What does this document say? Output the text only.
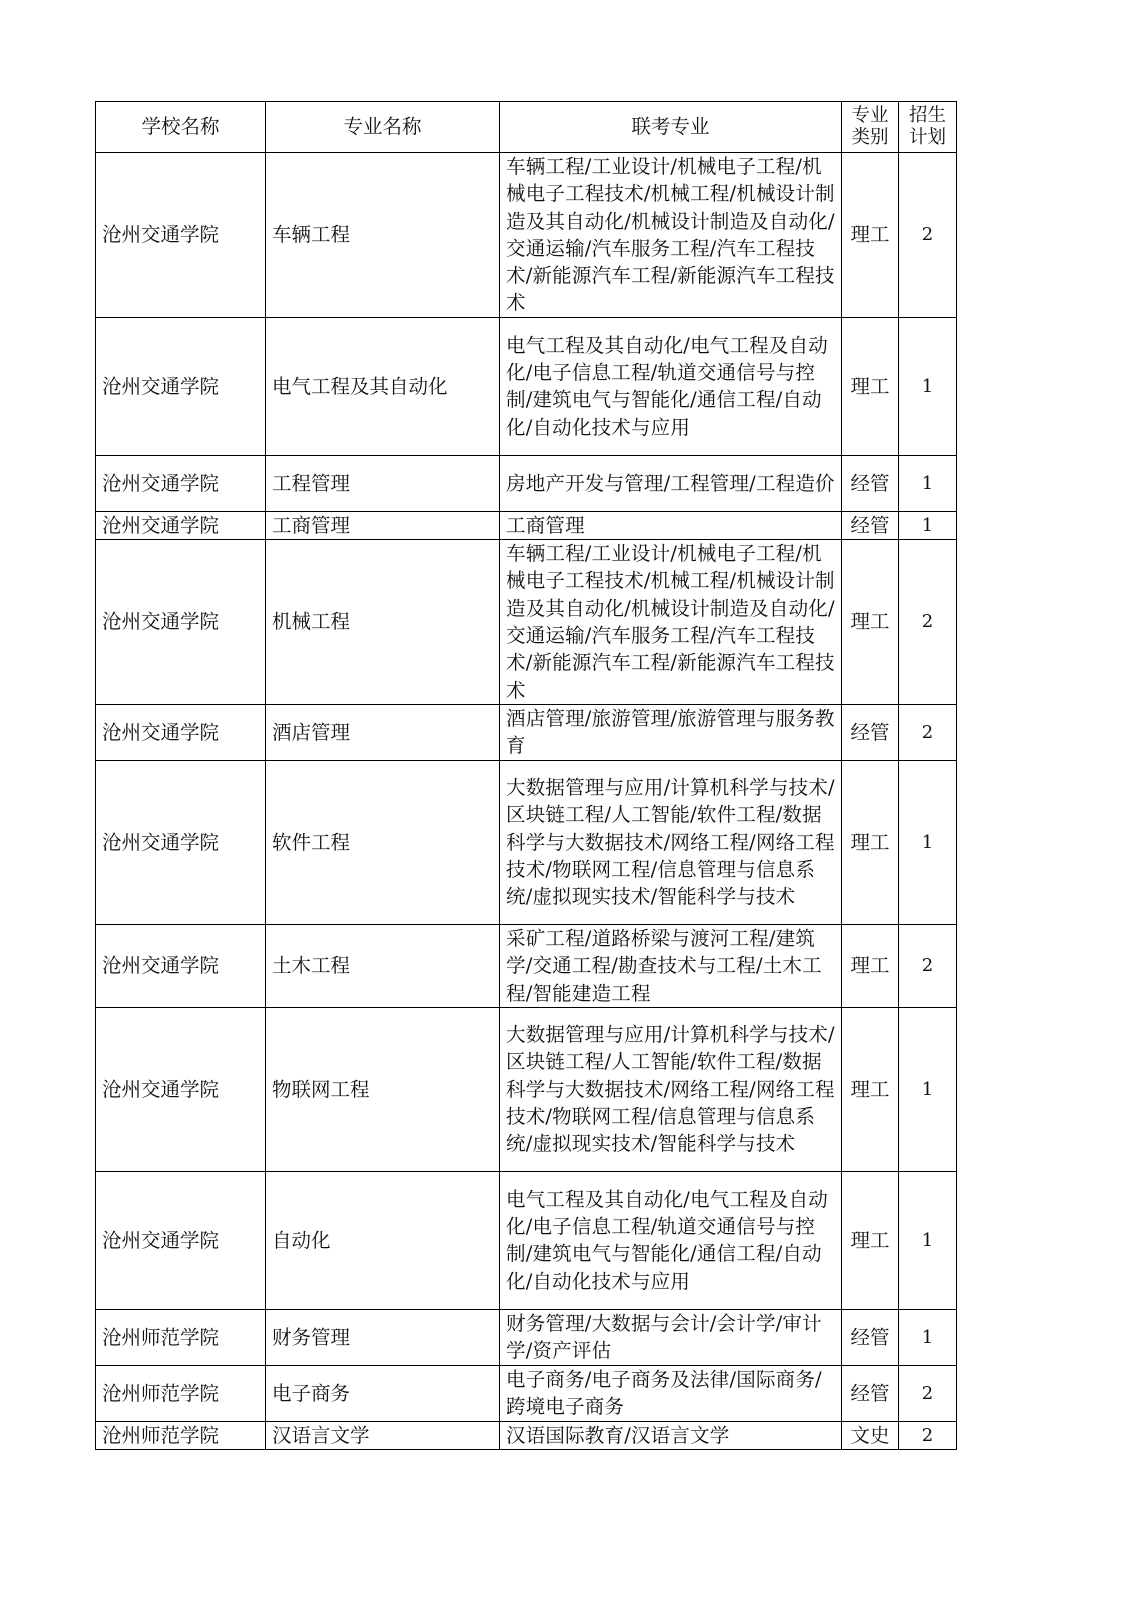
学校名称	专业名称	联考专业	专业类别	招生计划
沧州交通学院	车辆工程	车辆工程/工业设计/机械电子工程/机械电子工程技术/机械工程/机械设计制造及其自动化/机械设计制造及自动化/交通运输/汽车服务工程/汽车工程技术/新能源汽车工程/新能源汽车工程技术	理工	2
沧州交通学院	电气工程及其自动化	电气工程及其自动化/电气工程及自动化/电子信息工程/轨道交通信号与控制/建筑电气与智能化/通信工程/自动化/自动化技术与应用	理工	1
沧州交通学院	工程管理	房地产开发与管理/工程管理/工程造价	经管	1
沧州交通学院	工商管理	工商管理	经管	1
沧州交通学院	机械工程	车辆工程/工业设计/机械电子工程/机械电子工程技术/机械工程/机械设计制造及其自动化/机械设计制造及自动化/交通运输/汽车服务工程/汽车工程技术/新能源汽车工程/新能源汽车工程技术	理工	2
沧州交通学院	酒店管理	酒店管理/旅游管理/旅游管理与服务教育	经管	2
沧州交通学院	软件工程	大数据管理与应用/计算机科学与技术/区块链工程/人工智能/软件工程/数据科学与大数据技术/网络工程/网络工程技术/物联网工程/信息管理与信息系统/虚拟现实技术/智能科学与技术	理工	1
沧州交通学院	土木工程	采矿工程/道路桥梁与渡河工程/建筑学/交通工程/勘查技术与工程/土木工程/智能建造工程	理工	2
沧州交通学院	物联网工程	大数据管理与应用/计算机科学与技术/区块链工程/人工智能/软件工程/数据科学与大数据技术/网络工程/网络工程技术/物联网工程/信息管理与信息系统/虚拟现实技术/智能科学与技术	理工	1
沧州交通学院	自动化	电气工程及其自动化/电气工程及自动化/电子信息工程/轨道交通信号与控制/建筑电气与智能化/通信工程/自动化/自动化技术与应用	理工	1
沧州师范学院	财务管理	财务管理/大数据与会计/会计学/审计学/资产评估	经管	1
沧州师范学院	电子商务	电子商务/电子商务及法律/国际商务/跨境电子商务	经管	2
沧州师范学院	汉语言文学	汉语国际教育/汉语言文学	文史	2
